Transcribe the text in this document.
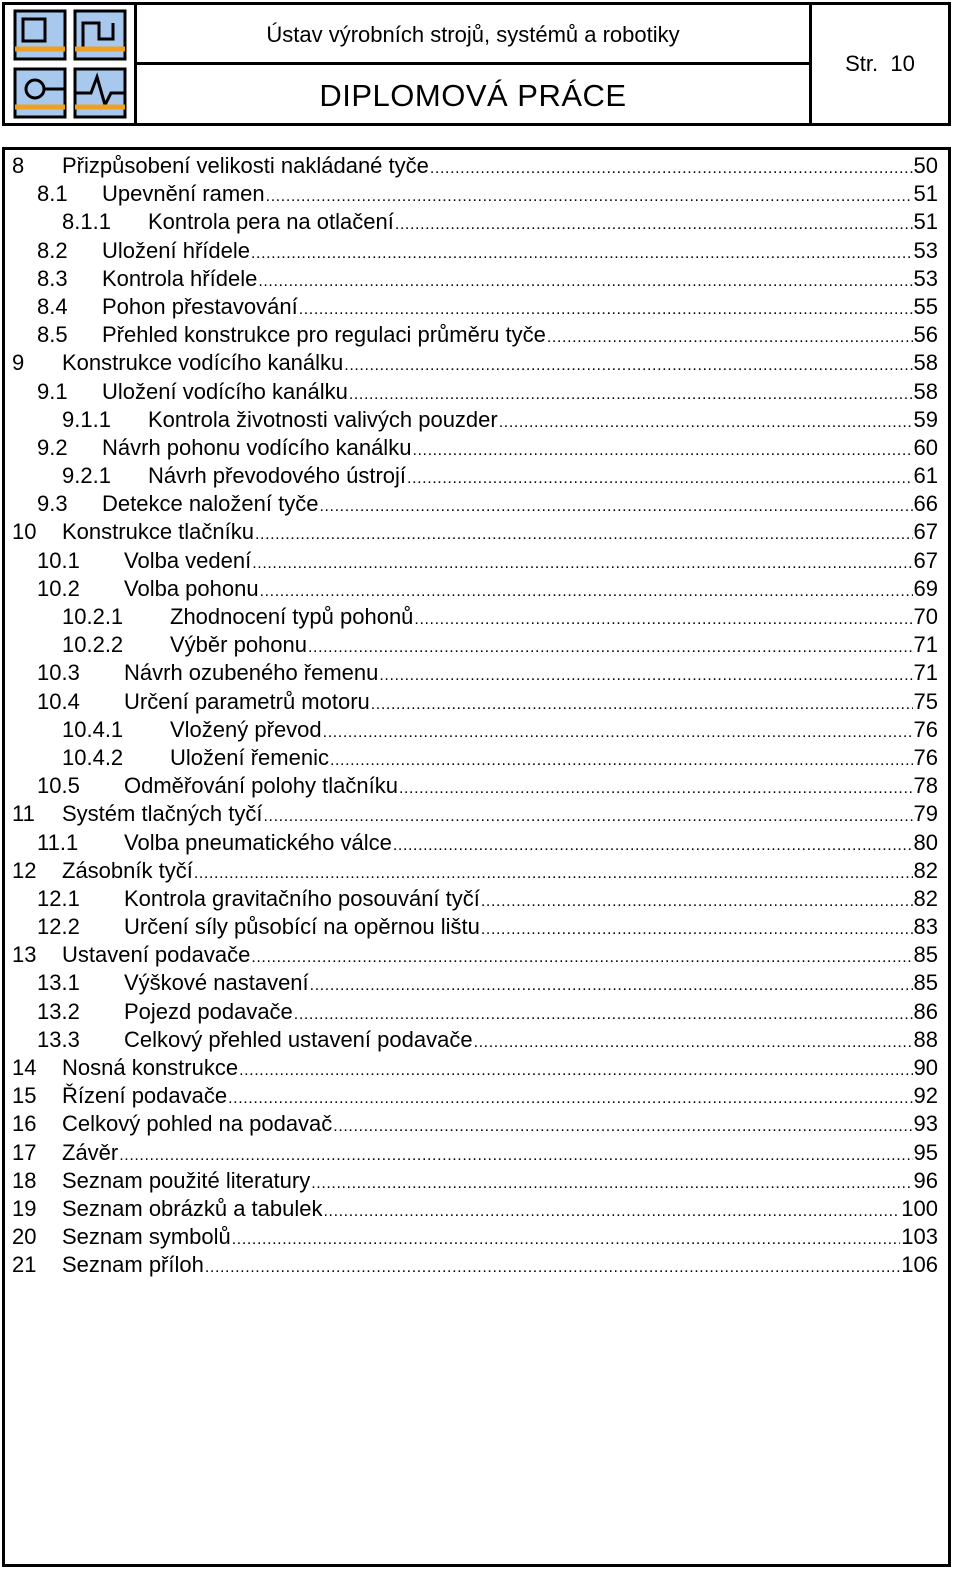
Ústav výrobních strojů, systémů a robotiky
DIPLOMOVÁ PRÁCE
Str. 10
8	Přizpůsobení velikosti nakládané tyče .....	50
8.1	Upevnění ramen .....	51
8.1.1	Kontrola pera na otlačení .....	51
8.2	Uložení hřídele .....	53
8.3	Kontrola hřídele .....	53
8.4	Pohon přestavování .....	55
8.5	Přehled konstrukce pro regulaci průměru tyče .....	56
9	Konstrukce vodícího kanálku .....	58
9.1	Uložení vodícího kanálku .....	58
9.1.1	Kontrola životnosti valivých pouzder .....	59
9.2	Návrh pohonu vodícího kanálku .....	60
9.2.1	Návrh převodového ústrojí .....	61
9.3	Detekce naložení tyče .....	66
10	Konstrukce tlačníku .....	67
10.1	Volba vedení .....	67
10.2	Volba pohonu .....	69
10.2.1	Zhodnocení typů pohonů .....	70
10.2.2	Výběr pohonu .....	71
10.3	Návrh ozubeného řemenu .....	71
10.4	Určení parametrů motoru .....	75
10.4.1	Vložený převod .....	76
10.4.2	Uložení řemenic .....	76
10.5	Odměřování polohy tlačníku .....	78
11	Systém tlačných tyčí .....	79
11.1	Volba pneumatického válce .....	80
12	Zásobník tyčí .....	82
12.1	Kontrola gravitačního posouvání tyčí .....	82
12.2	Určení síly působící na opěrnou lištu .....	83
13	Ustavení podavače .....	85
13.1	Výškové nastavení .....	85
13.2	Pojezd podavače .....	86
13.3	Celkový přehled ustavení podavače .....	88
14	Nosná konstrukce .....	90
15	Řízení podavače .....	92
16	Celkový pohled na podavač .....	93
17	Závěr .....	95
18	Seznam použité literatury .....	96
19	Seznam obrázků a tabulek .....	100
20	Seznam symbolů .....	103
21	Seznam příloh .....	106
